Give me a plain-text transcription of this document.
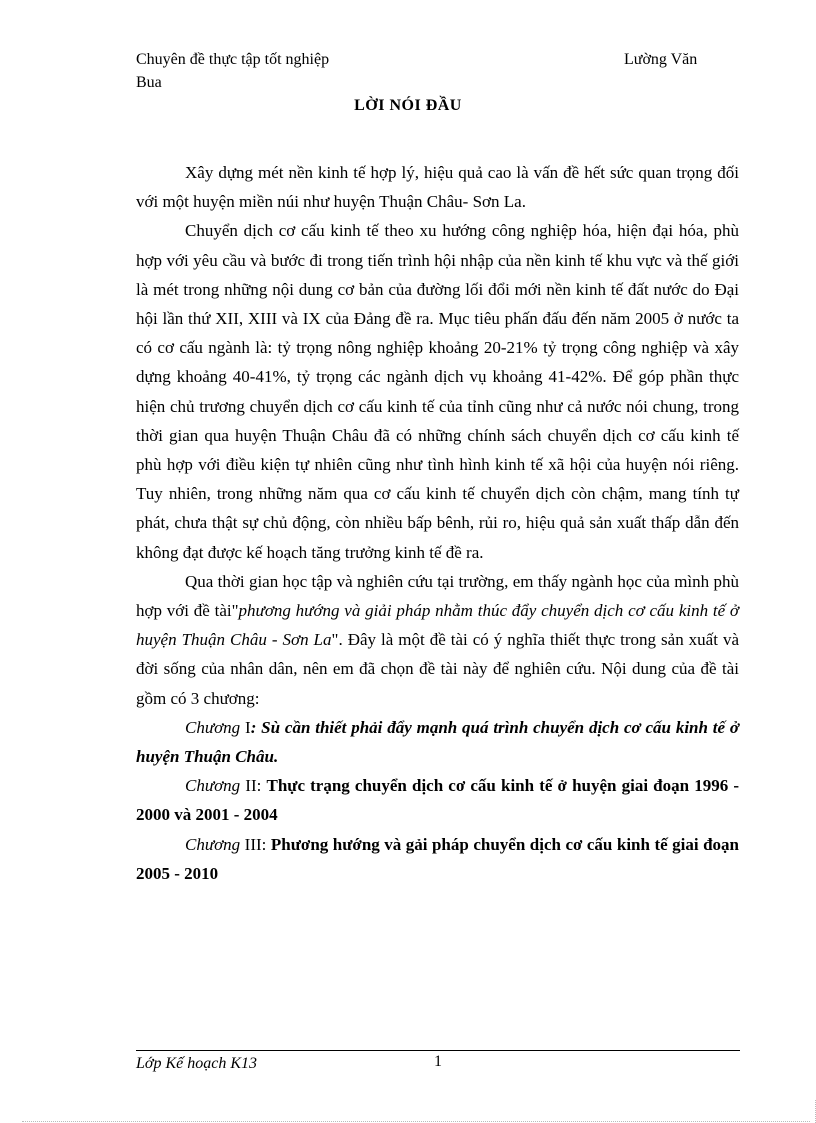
Chuyên đề thực tập tốt nghiệp	Lường Văn
Bua
LỜI NÓI ĐẦU

Xây dựng mét nền kinh tế hợp lý, hiệu quả cao là vấn đề hết sức quan trọng đối với một huyện miền núi như huyện Thuận Châu- Sơn La.

Chuyển dịch cơ cấu kinh tế theo xu hướng công nghiệp hóa, hiện đại hóa, phù hợp với yêu cầu và bước đi trong tiến trình hội nhập của nền kinh tế khu vực và thế giới là mét trong những nội dung cơ bản của đường lối đổi mới nền kinh tế đất nước do Đại hội lần thứ XII, XIII và IX của Đảng đề ra. Mục tiêu phấn đấu đến năm 2005 ở nước ta có cơ cấu ngành là: tỷ trọng nông nghiệp khoảng 20-21% tỷ trọng công nghiệp và xây dựng khoảng 40-41%, tỷ trọng các ngành dịch vụ khoảng 41-42%. Để góp phần thực hiện chủ trương chuyển dịch cơ cấu kinh tế của tỉnh cũng như cả nước nói chung, trong thời gian qua huyện Thuận Châu đã có những chính sách chuyển dịch cơ cấu kinh tế phù hợp với điều kiện tự nhiên cũng như tình hình kinh tế xã hội của huyện nói riêng. Tuy nhiên, trong những năm qua cơ cấu kinh tế chuyển dịch còn chậm, mang tính tự phát, chưa thật sự chủ động, còn nhiều bấp bênh, rủi ro, hiệu quả sản xuất thấp dẫn đến không đạt được kế hoạch tăng trưởng kinh tế đề ra.

Qua thời gian học tập và nghiên cứu tại trường, em thấy ngành học của mình phù hợp với đề tài"phương hướng và giải pháp nhằm thúc đẩy chuyển dịch cơ cấu kinh tế ở huyện Thuận Châu - Sơn La". Đây là một đề tài có ý nghĩa thiết thực trong sản xuất và đời sống của nhân dân, nên em đã chọn đề tài này để nghiên cứu. Nội dung của đề tài gồm có 3 chương:

Chương I: Sù cần thiết phải đẩy mạnh quá trình chuyển dịch cơ cấu kinh tế ở huyện Thuận Châu.

Chương II: Thực trạng chuyển dịch cơ cấu kinh tế ở huyện giai đoạn 1996 - 2000 và 2001 - 2004

Chương III: Phương hướng và gải pháp chuyển dịch cơ cấu kinh tế giai đoạn 2005 - 2010

Lớp Kế hoạch K13	1
